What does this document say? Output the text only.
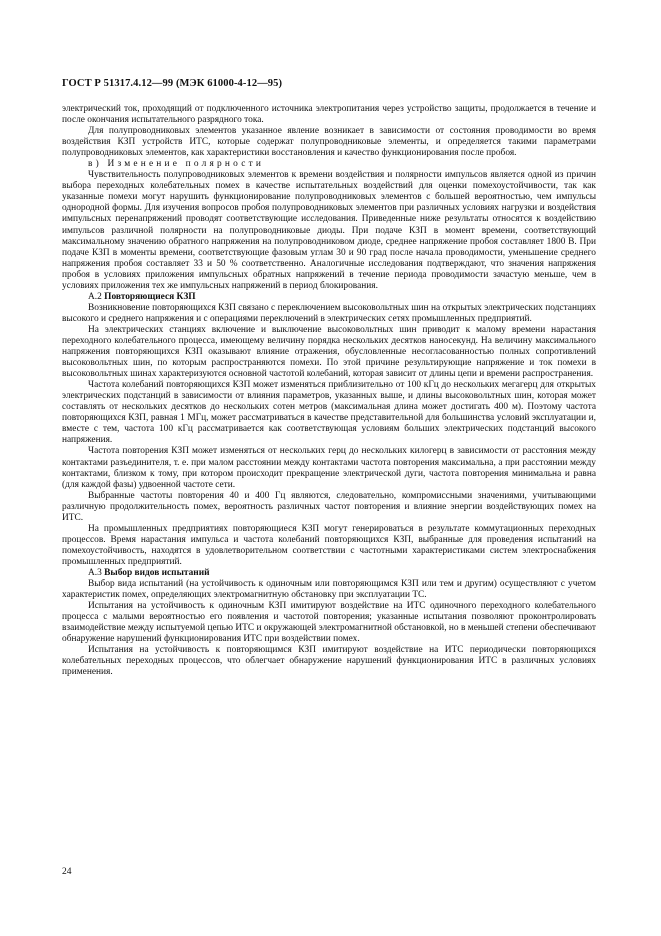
ГОСТ Р 51317.4.12—99 (МЭК 61000-4-12—95)

электрический ток, проходящий от подключенного источника электропитания через устройство защиты, продолжается в течение и после окончания испытательного разрядного тока.

Для полупроводниковых элементов указанное явление возникает в зависимости от состояния проводимости во время воздействия КЗП устройств ИТС, которые содержат полупроводниковые элементы, и определяется такими параметрами полупроводниковых элементов, как характеристики восстановления и качество функционирования после пробоя.

в) Изменение полярности

Чувствительность полупроводниковых элементов к времени воздействия и полярности импульсов является одной из причин выбора переходных колебательных помех в качестве испытательных воздействий для оценки помехоустойчивости, так как указанные помехи могут нарушить функционирование полупроводниковых элементов с большей вероятностью, чем импульсы однородной формы. Для изучения вопросов пробоя полупроводниковых элементов при различных условиях нагрузки и воздействия импульсных перенапряжений проводят соответствующие исследования. Приведенные ниже результаты относятся к воздействию импульсов различной полярности на полупроводниковые диоды. При подаче КЗП в момент времени, соответствующий максимальному значению обратного напряжения на полупроводниковом диоде, среднее напряжение пробоя составляет 1800 В. При подаче КЗП в моменты времени, соответствующие фазовым углам 30 и 90 град после начала проводимости, уменьшение среднего напряжения пробоя составляет 33 и 50 % соответственно. Аналогичные исследования подтверждают, что значения напряжения пробоя в условиях приложения импульсных обратных напряжений в течение периода проводимости зачастую меньше, чем в условиях приложения тех же импульсных напряжений в период блокирования.

А.2 Повторяющиеся КЗП

Возникновение повторяющихся КЗП связано с переключением высоковольтных шин на открытых электрических подстанциях высокого и среднего напряжения и с операциями переключений в электрических сетях промышленных предприятий.

На электрических станциях включение и выключение высоковольтных шин приводит к малому времени нарастания переходного колебательного процесса, имеющему величину порядка нескольких десятков наносекунд. На величину максимального напряжения повторяющихся КЗП оказывают влияние отражения, обусловленные несогласованностью полных сопротивлений высоковольтных шин, по которым распространяются помехи. По этой причине результирующие напряжение и ток помехи в высоковольтных шинах характеризуются основной частотой колебаний, которая зависит от длины цепи и времени распространения.

Частота колебаний повторяющихся КЗП может изменяться приблизительно от 100 кГц до нескольких мегагерц для открытых электрических подстанций в зависимости от влияния параметров, указанных выше, и длины высоковольтных шин, которая может составлять от нескольких десятков до нескольких сотен метров (максимальная длина может достигать 400 м). Поэтому частота повторяющихся КЗП, равная 1 МГц, может рассматриваться в качестве представительной для большинства условий эксплуатации и, вместе с тем, частота 100 кГц рассматривается как соответствующая условиям больших электрических подстанций высокого напряжения.

Частота повторения КЗП может изменяться от нескольких герц до нескольких килогерц в зависимости от расстояния между контактами разъединителя, т. е. при малом расстоянии между контактами частота повторения максимальна, а при расстоянии между контактами, близком к тому, при котором происходит прекращение электрической дуги, частота повторения минимальна и равна (для каждой фазы) удвоенной частоте сети.

Выбранные частоты повторения 40 и 400 Гц являются, следовательно, компромиссными значениями, учитывающими различную продолжительность помех, вероятность различных частот повторения и влияние энергии воздействующих помех на ИТС.

На промышленных предприятиях повторяющиеся КЗП могут генерироваться в результате коммутационных переходных процессов. Время нарастания импульса и частота колебаний повторяющихся КЗП, выбранные для проведения испытаний на помехоустойчивость, находятся в удовлетворительном соответствии с частотными характеристиками систем электроснабжения промышленных предприятий.

А.3 Выбор видов испытаний

Выбор вида испытаний (на устойчивость к одиночным или повторяющимся КЗП или тем и другим) осуществляют с учетом характеристик помех, определяющих электромагнитную обстановку при эксплуатации ТС.

Испытания на устойчивость к одиночным КЗП имитируют воздействие на ИТС одиночного переходного колебательного процесса с малыми вероятностью его появления и частотой повторения; указанные испытания позволяют проконтролировать взаимодействие между испытуемой цепью ИТС и окружающей электромагнитной обстановкой, но в меньшей степени обеспечивают обнаружение нарушений функционирования ИТС при воздействии помех.

Испытания на устойчивость к повторяющимся КЗП имитируют воздействие на ИТС периодически повторяющихся колебательных переходных процессов, что облегчает обнаружение нарушений функционирования ИТС в различных условиях применения.

24
